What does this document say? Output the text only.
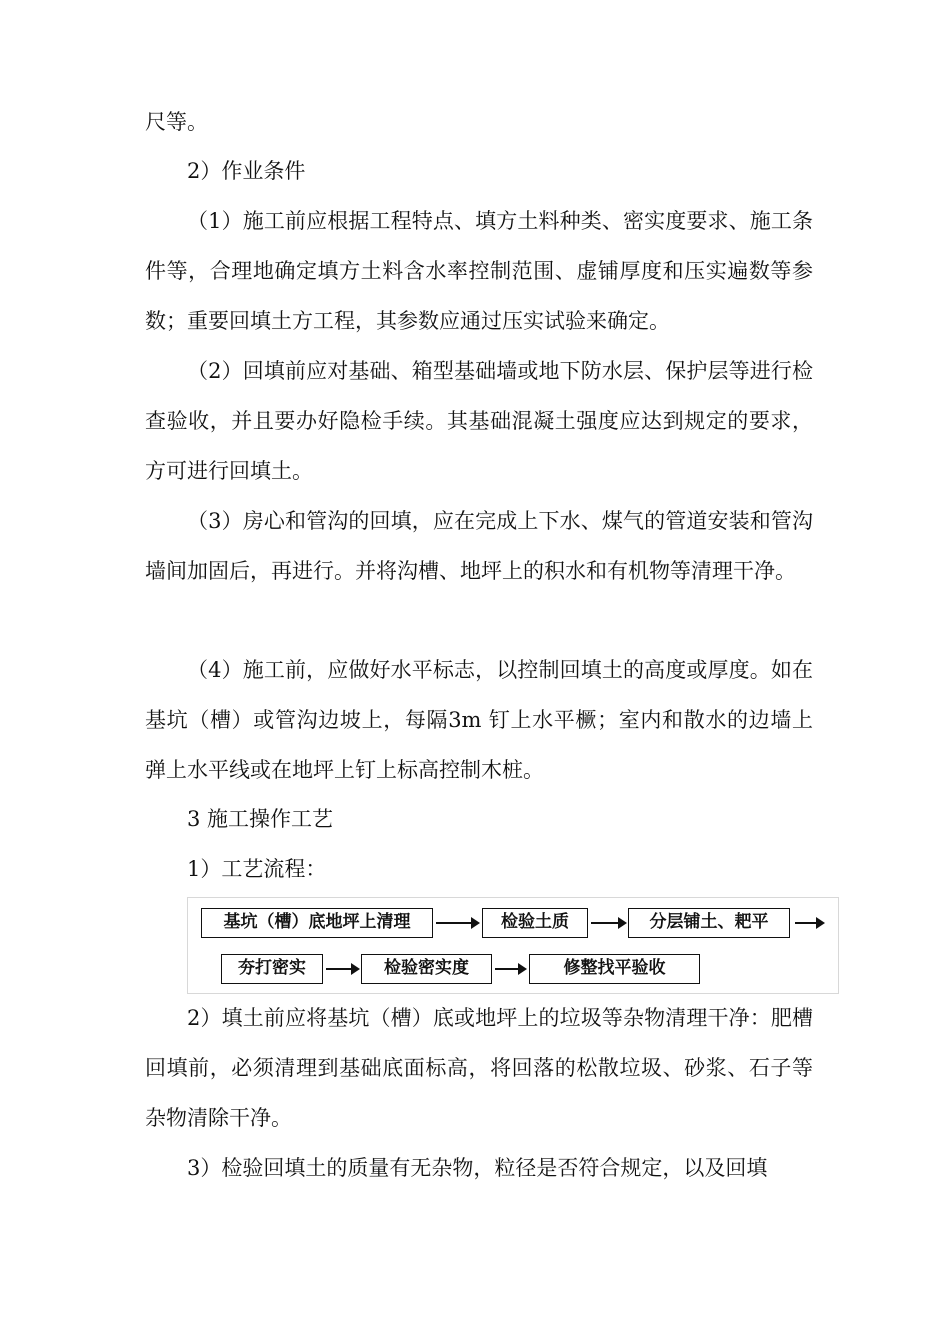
尺等。

2）作业条件

（1）施工前应根据工程特点、填方土料种类、密实度要求、施工条件等，合理地确定填方土料含水率控制范围、虚铺厚度和压实遍数等参数；重要回填土方工程，其参数应通过压实试验来确定。

（2）回填前应对基础、箱型基础墙或地下防水层、保护层等进行检查验收，并且要办好隐检手续。其基础混凝土强度应达到规定的要求，方可进行回填土。

（3）房心和管沟的回填，应在完成上下水、煤气的管道安装和管沟墙间加固后，再进行。并将沟槽、地坪上的积水和有机物等清理干净。

（4）施工前，应做好水平标志，以控制回填土的高度或厚度。如在基坑（槽）或管沟边坡上，每隔3m 钉上水平橛；室内和散水的边墙上弹上水平线或在地坪上钉上标高控制木桩。

3 施工操作工艺

1）工艺流程：

基坑（槽）底地坪上清理	检验土质	分层铺土、耙平
夯打密实	检验密实度	修整找平验收

2）填土前应将基坑（槽）底或地坪上的垃圾等杂物清理干净：肥槽回填前，必须清理到基础底面标高，将回落的松散垃圾、砂浆、石子等杂物清除干净。

3）检验回填土的质量有无杂物，粒径是否符合规定，以及回填
